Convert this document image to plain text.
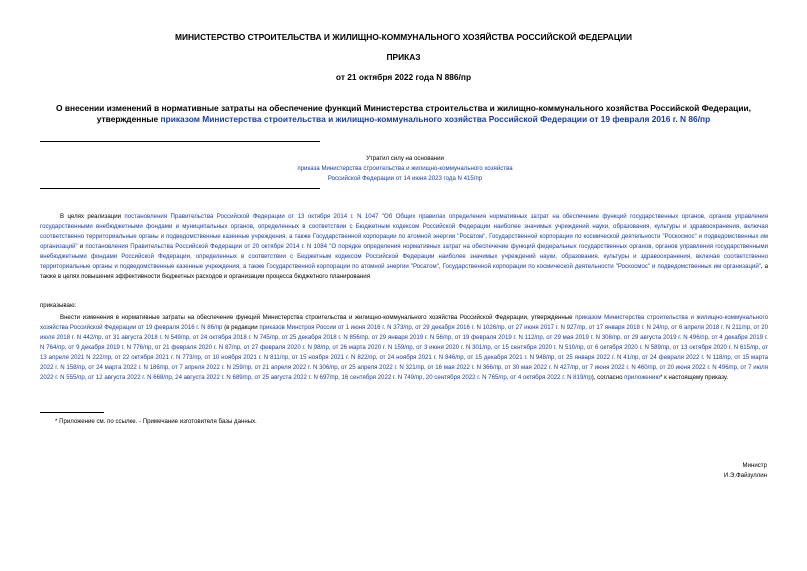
МИНИСТЕРСТВО СТРОИТЕЛЬСТВА И ЖИЛИЩНО-КОММУНАЛЬНОГО ХОЗЯЙСТВА РОССИЙСКОЙ ФЕДЕРАЦИИ
ПРИКАЗ
от 21 октября 2022 года N 886/пр
О внесении изменений в нормативные затраты на обеспечение функций Министерства строительства и жилищно-коммунального хозяйства Российской Федерации, утвержденные приказом Министерства строительства и жилищно-коммунального хозяйства Российской Федерации от 19 февраля 2016 г. N 86/пр
Утратил силу на основании
приказа Министерства строительства и жилищно-коммунального хозяйства
Российской Федерации от 14 июня 2023 года N 415/пр
В целях реализации постановления Правительства Российской Федерации от 13 октября 2014 г. N 1047 "Об Общих правилах определения нормативных затрат на обеспечение функций государственных органов, органов управления государственными внебюджетными фондами и муниципальных органов, определенных в соответствии с Бюджетным кодексом Российской Федерации наиболее значимых учреждений науки, образования, культуры и здравоохранения, включая соответственно территориальные органы и подведомственные казенные учреждения, а также Государственной корпорации по атомной энергии "Росатом", Государственной корпорации по космической деятельности "Роскосмос" и подведомственных им организаций" и постановления Правительства Российской Федерации от 20 октября 2014 г. N 1084 "О порядке определения нормативных затрат на обеспечение функций федеральных государственных органов, органов управления государственными внебюджетными фондами Российской Федерации, определенных в соответствии с Бюджетным кодексом Российской Федерации наиболее значимых учреждений науки, образования, культуры и здравоохранения, включая соответственно территориальные органы и подведомственные казенные учреждения, а также Государственной корпорации по атомной энергии "Росатом", Государственной корпорации по космической деятельности "Роскосмос" и подведомственных им организаций", а также в целях повышения эффективности бюджетных расходов и организации процесса бюджетного планирования
приказываю:
Внести изменения в нормативные затраты на обеспечение функций Министерства строительства и жилищно-коммунального хозяйства Российской Федерации, утвержденные приказом Министерства строительства и жилищно-коммунального хозяйства Российской Федерации от 19 февраля 2016 г. N 86/пр (в редакции приказов Минстроя России от 1 июня 2016 г. N 373/пр, от 29 декабря 2016 г. N 1026/пр, от 27 июня 2017 г. N 927/пр, от 17 января 2018 г. N 24/пр, от 6 апреля 2018 г. N 211/пр, от 20 июля 2018 г. N 442/пр, от 31 августа 2018 г. N 549/пр, от 24 октября 2018 г. N 745/пр, от 25 декабря 2018 г. N 856/пр, от 29 января 2019 г. N 56/пр, от 19 февраля 2019 г. N 112/пр, от 29 мая 2019 г. N 308/пр, от 29 августа 2019 г. N 496/пр, от 4 декабря 2019 г. N 764/пр, от 9 декабря 2019 г. N 776/пр, от 21 февраля 2020 г. N 87/пр, от 27 февраля 2020 г. N 98/пр, от 26 марта 2020 г. N 159/пр, от 3 июня 2020 г. N 301/пр, от 15 сентября 2020 г. N 510/пр, от 6 октября 2020 г. N 589/пр, от 13 октября 2020 г. N 615/пр, от 13 апреля 2021 N 222/пр, от 22 октября 2021 г. N 773/пр, от 10 ноября 2021 г. N 811/пр, от 15 ноября 2021 г. N 822/пр, от 24 ноября 2021 г. N 846/пр, от 15 декабря 2021 г. N 948/пр, от 25 января 2022 г. N 41/пр, от 24 февраля 2022 г. N 118/пр, от 15 марта 2022 г. N 158/пр, от 24 марта 2022 г. N 186/пр, от 7 апреля 2022 г. N 259/пр, от 21 апреля 2022 г. N 306/пр, от 25 апреля 2022 г. N 321/пр, от 16 мая 2022 г. N 366/пр, от 30 мая 2022 г. N 427/пр, от 7 июня 2022 г. N 460/пр, от 20 июня 2022 г. N 496/пр, от 7 июля 2022 г. N 555/пр, от 12 августа 2022 г. N 668/пр, 24 августа 2022 г. N 689/пр, от 25 августа 2022 г. N 697/пр, 16 сентября 2022 г. N 749/пр, 20 сентября 2022 г. N 765/пр, от 4 октября 2022 г. N 819/пр), согласно приложению* к настоящему приказу.
* Приложение см. по ссылке. - Примечание изготовителя базы данных.
Министр
И.Э.Файзуллин
